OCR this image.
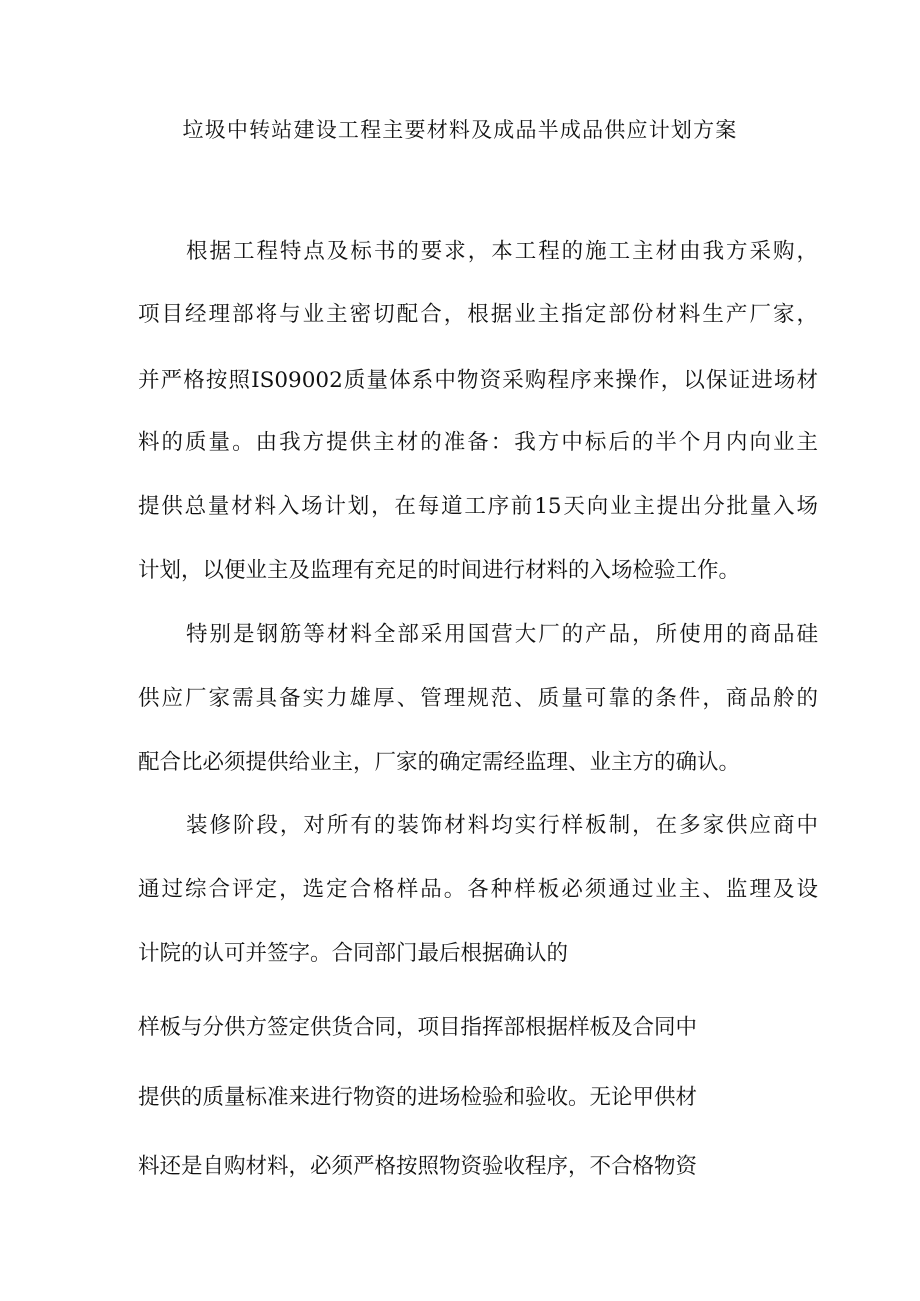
垃圾中转站建设工程主要材料及成品半成品供应计划方案
根据工程特点及标书的要求，本工程的施工主材由我方采购，
项目经理部将与业主密切配合，根据业主指定部份材料生产厂家，
并严格按照IS09002质量体系中物资采购程序来操作，以保证进场材
料的质量。由我方提供主材的准备：我方中标后的半个月内向业主
提供总量材料入场计划，在每道工序前15天向业主提出分批量入场
计划，以便业主及监理有充足的时间进行材料的入场检验工作。
特别是钢筋等材料全部采用国营大厂的产品，所使用的商品硅
供应厂家需具备实力雄厚、管理规范、质量可靠的条件，商品舲的
配合比必须提供给业主，厂家的确定需经监理、业主方的确认。
装修阶段，对所有的装饰材料均实行样板制，在多家供应商中
通过综合评定，选定合格样品。各种样板必须通过业主、监理及设
计院的认可并签字。合同部门最后根据确认的
样板与分供方签定供货合同，项目指挥部根据样板及合同中
提供的质量标准来进行物资的进场检验和验收。无论甲供材
料还是自购材料，必须严格按照物资验收程序，不合格物资
